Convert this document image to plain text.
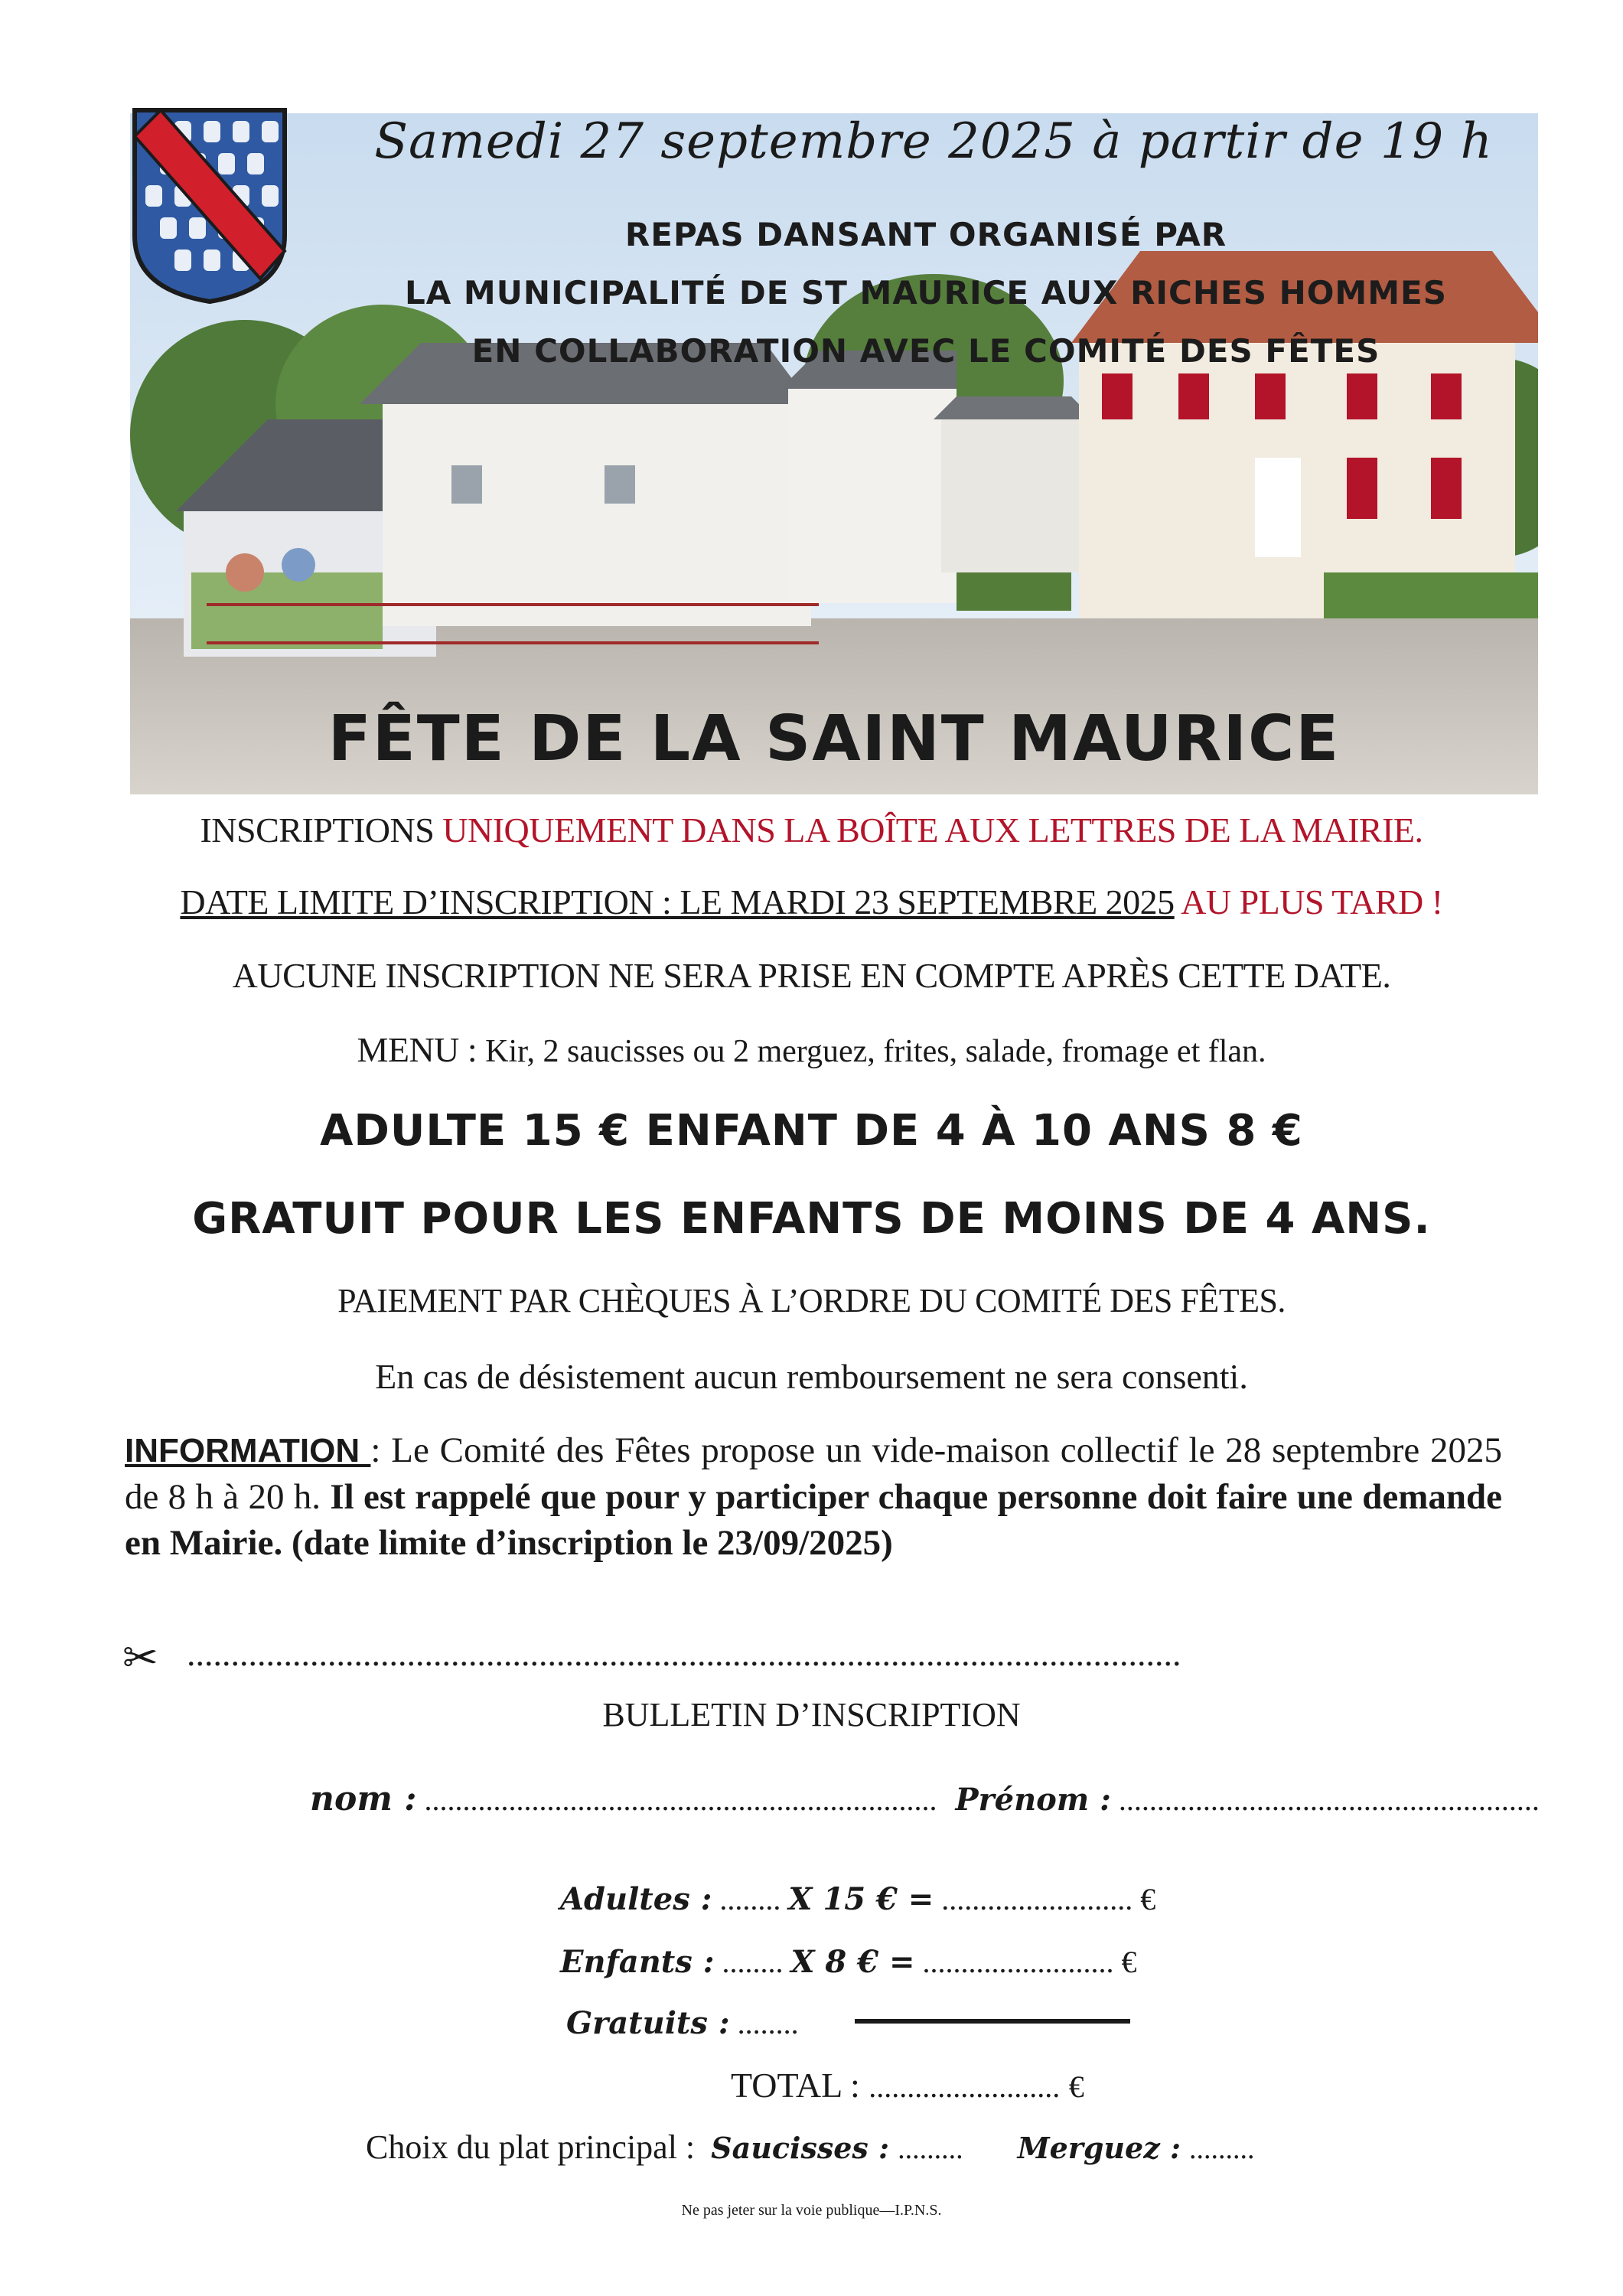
Samedi 27 septembre 2025 à partir de 19 h
REPAS DANSANT ORGANISÉ PAR
LA MUNICIPALITÉ DE ST MAURICE AUX RICHES HOMMES
EN COLLABORATION AVEC LE COMITÉ DES FÊTES
FÊTE DE LA SAINT MAURICE
INSCRIPTIONS UNIQUEMENT DANS LA BOÎTE AUX LETTRES DE LA MAIRIE.
DATE LIMITE D’INSCRIPTION : LE MARDI 23 SEPTEMBRE 2025 AU PLUS TARD !
AUCUNE INSCRIPTION NE SERA PRISE EN COMPTE APRÈS CETTE DATE.
MENU : Kir, 2 saucisses ou 2 merguez, frites, salade, fromage et flan.
ADULTE 15 € ENFANT DE 4 À 10 ANS 8 €
GRATUIT POUR LES ENFANTS DE MOINS DE 4 ANS.
PAIEMENT PAR CHÈQUES À L’ORDRE DU COMITÉ DES FÊTES.
En cas de désistement aucun remboursement ne sera consenti.
INFORMATION : Le Comité des Fêtes propose un vide-maison collectif le 28 septembre 2025 de 8 h à 20 h. Il est rappelé que pour y participer chaque personne doit faire une demande en Mairie. (date limite d’inscription le 23/09/2025)
✂ .................................................................................................................
BULLETIN D’INSCRIPTION
nom : ................................................................... Prénom : .......................................................
Adultes : ........ X 15 € = ......................... €
Enfants : ........ X 8 € = ......................... €
Gratuits : ........
TOTAL : ......................... €
Choix du plat principal : Saucisses : ......... Merguez : .........
Ne pas jeter sur la voie publique—I.P.N.S.
